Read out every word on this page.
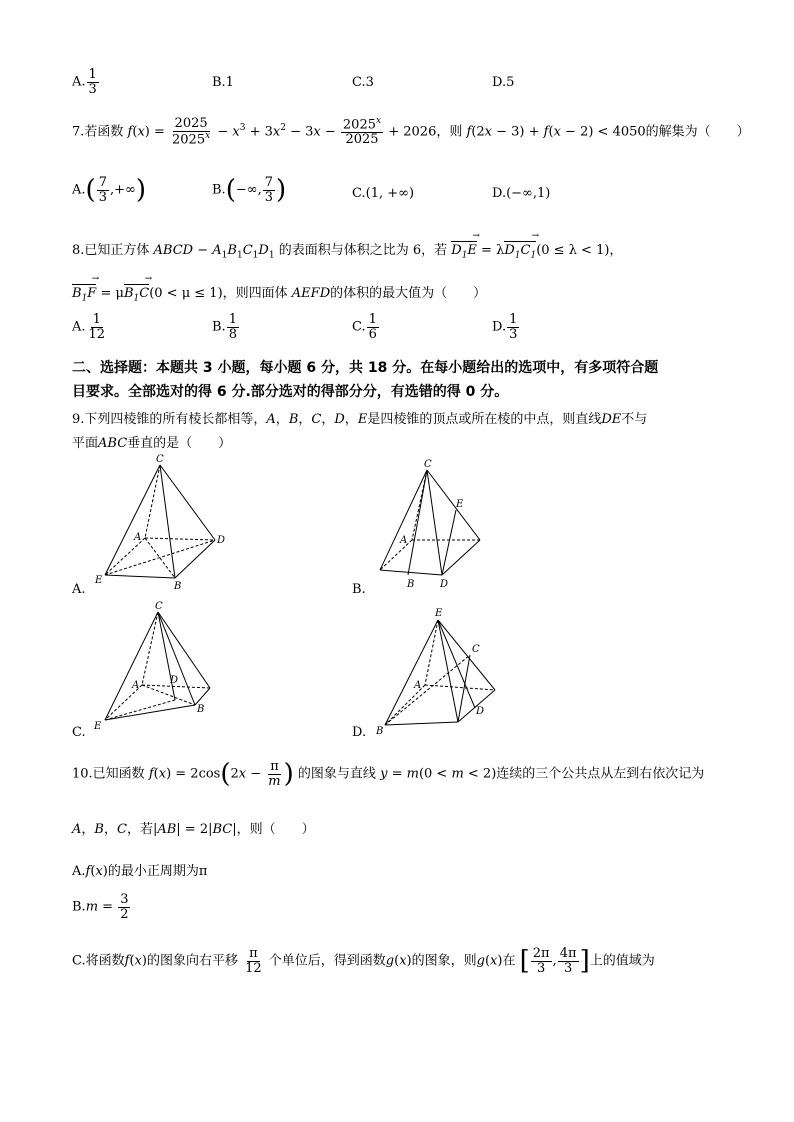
A. $\frac{1}{3}$	B.1	C.3	D.5
7.若函数 $f(x) = \frac{2025}{2025^x} - x^3 + 3x^2 - 3x - \frac{2025^x}{2025} + 2026$，则 f(2x − 3) + f(x − 2) < 4050的解集为（　　）
$A.( \frac{7}{3}$ ,+∞)	B.(−∞, $\frac{7}{3}$ )	C.(1, +∞)	D.(−∞,1)
8.已知正方体 ABCD − $A_1B_1C_1D_1$ 的表面积与体积之比为 6，若 $D_1E$ → = $\lambda D_1C_1 \to(0 \le \lambda < 1)$，
$B_1F$ → = $\mu B_1C \to(0 < \mu \le 1)$，则四面体 AEFD的体积的最大值为（　　）
A. $\frac{1}{12}$	B. $\frac{1}{8}$	C. $\frac{1}{6}$	D. $\frac{1}{3}$
二、选择题：本题共 3 小题，每小题 6 分，共 18 分。在每小题给出的选项中，有多项符合题
目要求。全部选对的得 6 分.部分选对的得部分分，有选错的得 0 分。
9.下列四棱锥的所有棱长都相等，A，B，C，D，E是四棱锥的顶点或所在棱的中点，则直线DE不与
平面ABC垂直的是（　　）
C
A	D
E
B
A.
C
E
A
B	D
B.
C
A	D
B
E
C.
E
C
A
D
B
D.
10.已知函数 $f(x) = 2\cos(2x - \frac{\pi}{m}$ ) 的图象与直线 y = m(0 < m < 2)连续的三个公共点从左到右依次记为
A，B，C，若|AB| = 2|BC|，则（　　）
A.f(x)的最小正周期为π
$B.m = \frac{3}{2}$
C.将函数f(x)的图象向右平移 $\frac{\pi}{12}$ 个单位后，得到函数g(x)的图象，则g(x)在 [ $\frac{2\pi}{3}$ , $\frac{4\pi}{3}$ ]上的值域为
